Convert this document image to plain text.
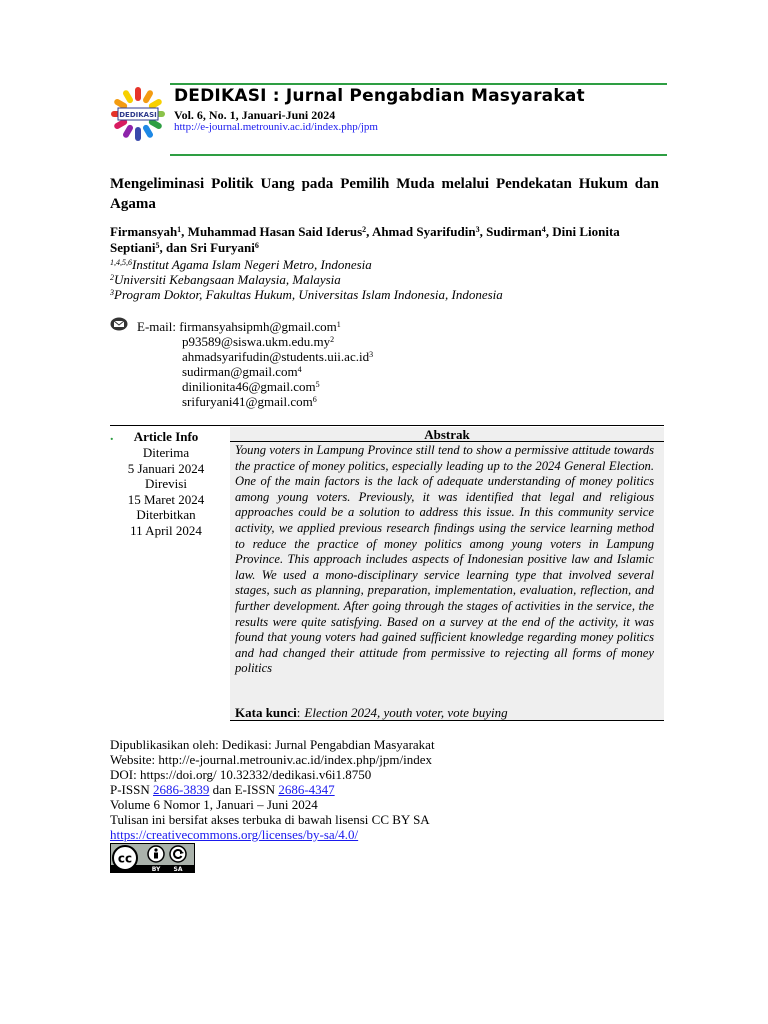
DEDIKASI
DEDIKASI : Jurnal Pengabdian Masyarakat
Vol. 6, No. 1, Januari-Juni 2024
http://e-journal.metrouniv.ac.id/index.php/jpm
Mengeliminasi Politik Uang pada Pemilih Muda melalui Pendekatan Hukum dan Agama
Firmansyah$^1$, Muhammad Hasan Said Iderus$^2$, Ahmad Syarifudin$^3$, Sudirman$^4$, Dini Lionita Septiani$^5$, dan Sri Furyani$^6$
$^{1,4,5,6}$Institut Agama Islam Negeri Metro, Indonesia
$^2$Universiti Kebangsaan Malaysia, Malaysia
$^3$Program Doktor, Fakultas Hukum, Universitas Islam Indonesia, Indonesia
E-mail: firmansyahsipmh@gmail.com$^1$
$p93589@siswa.ukm.edu.my^2$
$ahmadsyarifudin@students.uii.ac.id^3$
sudirman@gmail.com$^4$
dinilionita46@gmail.com$^5$
srifuryani41@gmail.com$^6$
.	Article Info
Diterima
5 Januari 2024
Direvisi
15 Maret 2024
Diterbitkan
11 April 2024
Abstrak
Young voters in Lampung Province still tend to show a permissive attitude towards the practice of money politics, especially leading up to the 2024 General Election. One of the main factors is the lack of adequate understanding of money politics among young voters. Previously, it was identified that legal and religious approaches could be a solution to address this issue. In this community service activity, we applied previous research findings using the service learning method to reduce the practice of money politics among young voters in Lampung Province. This approach includes aspects of Indonesian positive law and Islamic law. We used a mono-disciplinary service learning type that involved several stages, such as planning, preparation, implementation, evaluation, reflection, and further development. After going through the stages of activities in the service, the results were quite satisfying. Based on a survey at the end of the activity, it was found that young voters had gained sufficient knowledge regarding money politics and had changed their attitude from permissive to rejecting all forms of money politics
Kata kunci: Election 2024, youth voter, vote buying
Dipublikasikan oleh: Dedikasi: Jurnal Pengabdian Masyarakat
Website: http://e-journal.metrouniv.ac.id/index.php/jpm/index
DOI: https://doi.org/ 10.32332/dedikasi.v6i1.8750
P-ISSN 2686-3839 dan E-ISSN 2686-4347
Volume 6 Nomor 1, Januari – Juni 2024
Tulisan ini bersifat akses terbuka di bawah lisensi CC BY SA
https://creativecommons.org/licenses/by-sa/4.0/
cc
BY SA
